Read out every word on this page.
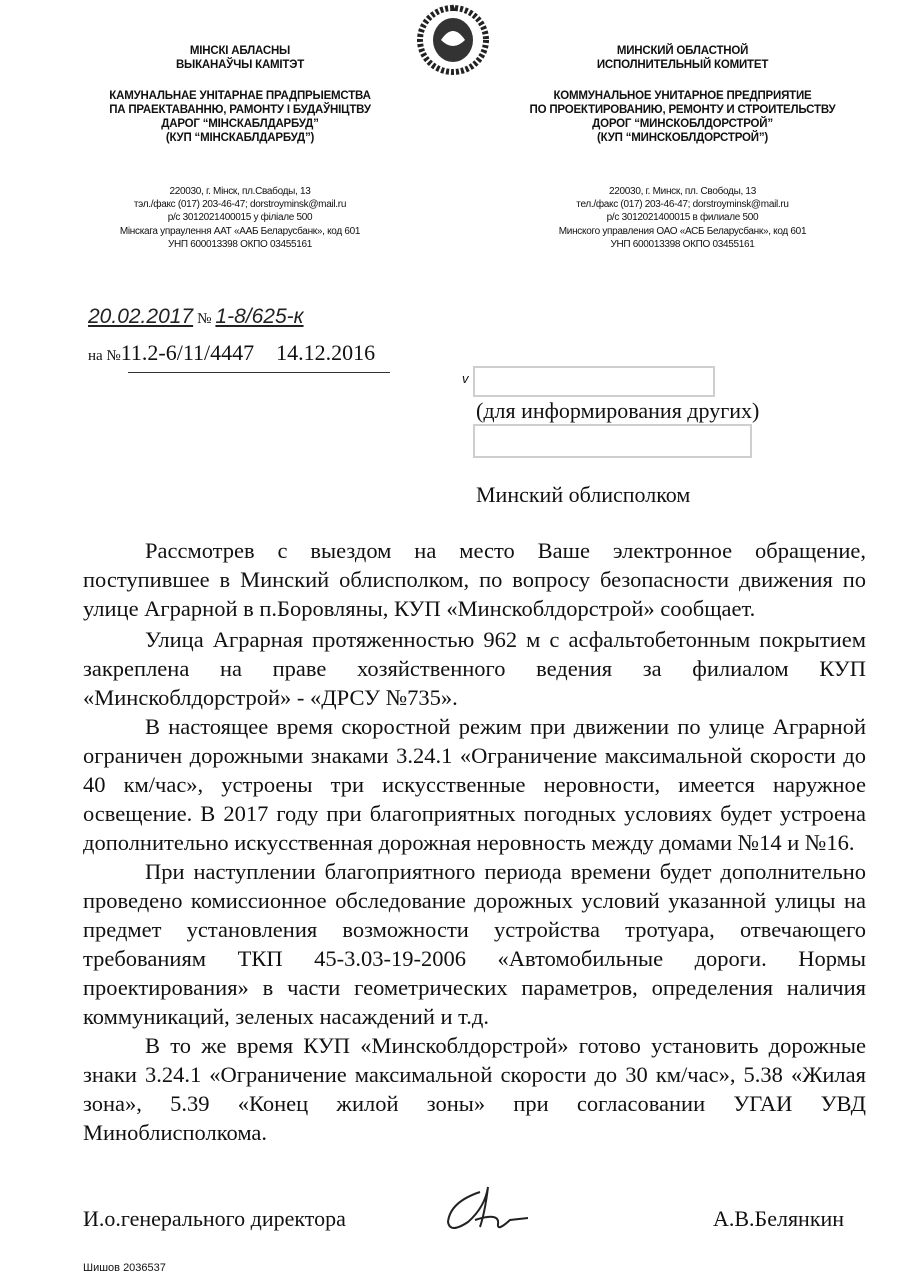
МІНСКІ АБЛАСНЫ
ВЫКАНАЎЧЫ КАМІТЭТ
КАМУНАЛЬНАЕ УНІТАРНАЕ ПРАДПРЫЕМСТВА
ПА ПРАЕКТАВАННЮ, РАМОНТУ І БУДАЎНІЦТВУ
ДАРОГ “МІНСКАБЛДАРБУД”
(КУП “МІНСКАБЛДАРБУД”)
220030, г. Мінск, пл.Свабоды, 13
тэл./факс (017) 203-46-47; dorstroyminsk@mail.ru
р/с 3012021400015 у філіале 500
Мінскага упраулення ААТ «ААБ Беларусбанк», код 601
УНП 600013398 ОКПО 03455161
МИНСКИЙ ОБЛАСТНОЙ
ИСПОЛНИТЕЛЬНЫЙ КОМИТЕТ
КОММУНАЛЬНОЕ УНИТАРНОЕ ПРЕДПРИЯТИЕ
ПО ПРОЕКТИРОВАНИЮ, РЕМОНТУ И СТРОИТЕЛЬСТВУ
ДОРОГ “МИНСКОБЛДОРСТРОЙ”
(КУП “МИНСКОБЛДОРСТРОЙ”)
220030, г. Минск, пл. Свободы, 13
тел./факс (017) 203-46-47; dorstroyminsk@mail.ru
р/с 3012021400015 в филиале 500
Минского управления ОАО «АСБ Беларусбанк», код 601
УНП 600013398 ОКПО 03455161
20.02.2017 № 1-8/625-к
на №11.2-6/11/4447 14.12.2016
v
(для информирования других)
Минский облисполком

Рассмотрев с выездом на место Ваше электронное обращение, поступившее в Минский облисполком, по вопросу безопасности движения по улице Аграрной в п.Боровляны, КУП «Минскоблдорстрой» сообщает.

Улица Аграрная протяженностью 962 м с асфальтобетонным покрытием закреплена на праве хозяйственного ведения за филиалом КУП «Минскоблдорстрой» - «ДРСУ №735».

В настоящее время скоростной режим при движении по улице Аграрной ограничен дорожными знаками 3.24.1 «Ограничение максимальной скорости до 40 км/час», устроены три искусственные неровности, имеется наружное освещение. В 2017 году при благоприятных погодных условиях будет устроена дополнительно искусственная дорожная неровность между домами №14 и №16.

При наступлении благоприятного периода времени будет дополнительно проведено комиссионное обследование дорожных условий указанной улицы на предмет установления возможности устройства тротуара, отвечающего требованиям ТКП 45-3.03-19-2006 «Автомобильные дороги. Нормы проектирования» в части геометрических параметров, определения наличия коммуникаций, зеленых насаждений и т.д.

В то же время КУП «Минскоблдорстрой» готово установить дорожные знаки 3.24.1 «Ограничение максимальной скорости до 30 км/час», 5.38 «Жилая зона», 5.39 «Конец жилой зоны» при согласовании УГАИ УВД Миноблисполкома.

И.о.генерального директора	А.В.Белянкин
Шишов 2036537
